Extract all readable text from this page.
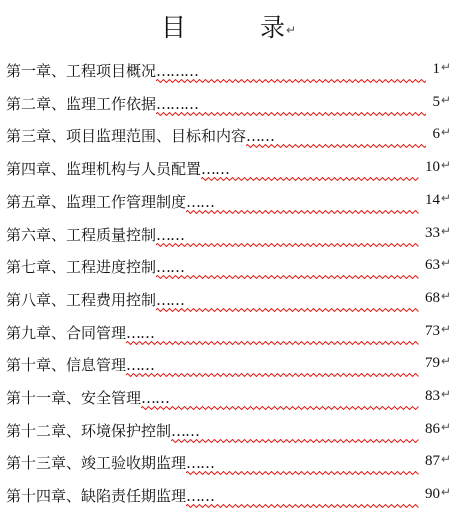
目	录↵
第一章、工程项目概况………	1↵
第二章、监理工作依据………	5↵
第三章、项目监理范围、目标和内容……	6↵
第四章、监理机构与人员配置……	10↵
第五章、监理工作管理制度……	14↵
第六章、工程质量控制……	33↵
第七章、工程进度控制……	63↵
第八章、工程费用控制……	68↵
第九章、合同管理……	73↵
第十章、信息管理……	79↵
第十一章、安全管理……	83↵
第十二章、环境保护控制……	86↵
第十三章、竣工验收期监理……	87↵
第十四章、缺陷责任期监理……	90↵
